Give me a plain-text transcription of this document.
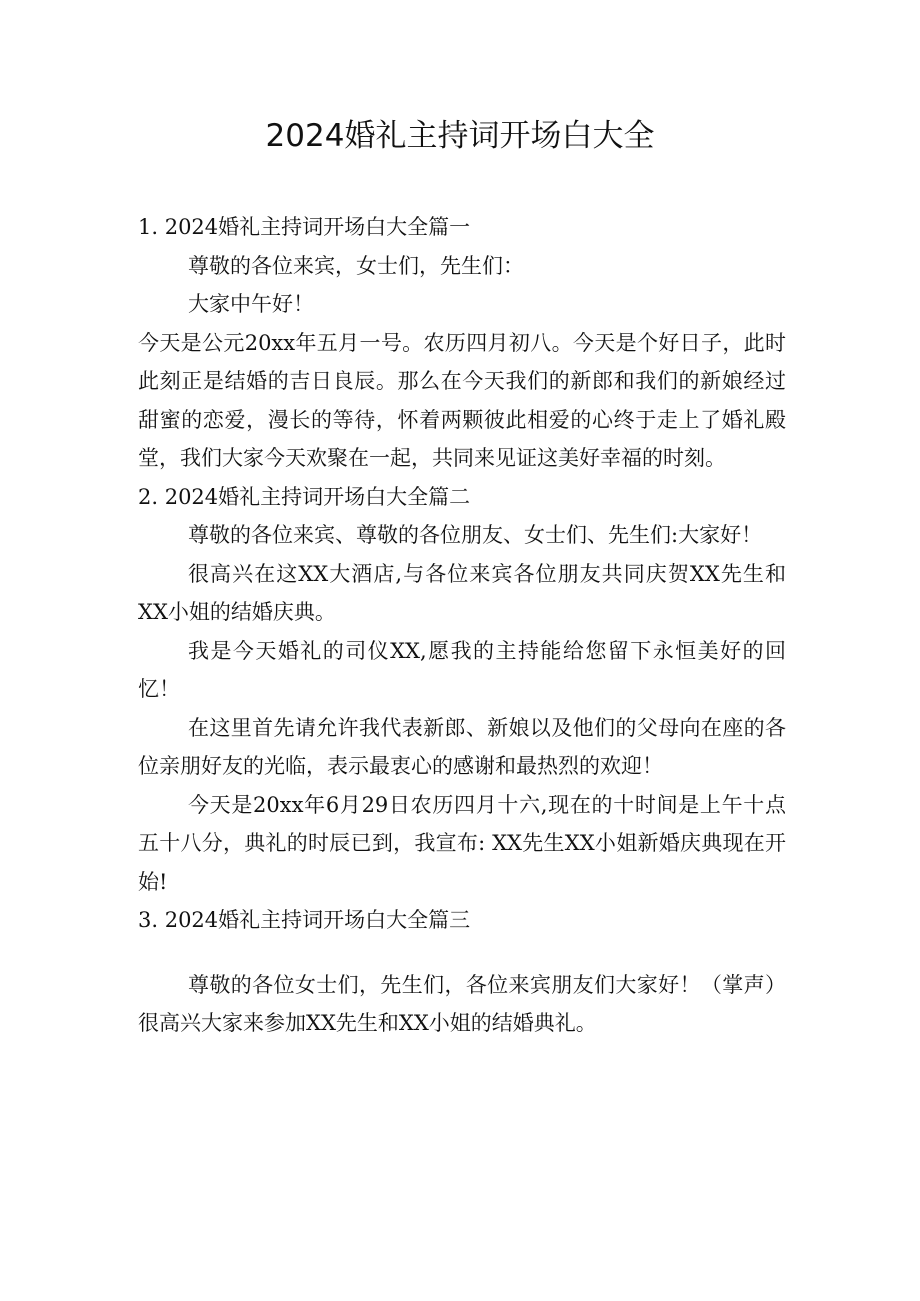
2024婚礼主持词开场白大全
1. 2024婚礼主持词开场白大全篇一

尊敬的各位来宾，女士们，先生们：

大家中午好！

今天是公元20xx年五月一号。农历四月初八。今天是个好日子，此时此刻正是结婚的吉日良辰。那么在今天我们的新郎和我们的新娘经过甜蜜的恋爱，漫长的等待，怀着两颗彼此相爱的心终于走上了婚礼殿堂，我们大家今天欢聚在一起，共同来见证这美好幸福的时刻。

2. 2024婚礼主持词开场白大全篇二

尊敬的各位来宾、尊敬的各位朋友、女士们、先生们:大家好！

很高兴在这XX大酒店,与各位来宾各位朋友共同庆贺XX先生和XX小姐的结婚庆典。

我是今天婚礼的司仪XX,愿我的主持能给您留下永恒美好的回忆！

在这里首先请允许我代表新郎、新娘以及他们的父母向在座的各位亲朋好友的光临，表示最衷心的感谢和最热烈的欢迎！

今天是20xx年6月29日农历四月十六,现在的十时间是上午十点五十八分，典礼的时辰已到，我宣布: XX先生XX小姐新婚庆典现在开始!

3. 2024婚礼主持词开场白大全篇三

尊敬的各位女士们，先生们，各位来宾朋友们大家好！（掌声）很高兴大家来参加XX先生和XX小姐的结婚典礼。
